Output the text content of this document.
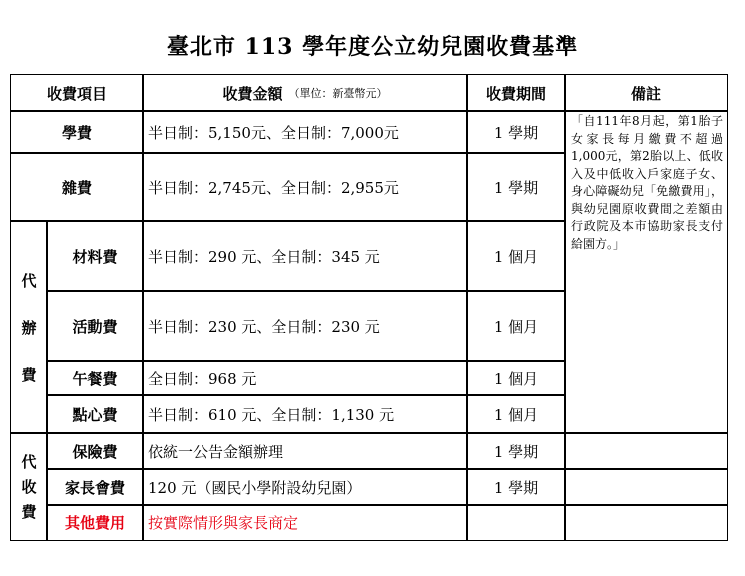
臺北市 113 學年度公立幼兒園收費基準
收費項目	收費金額 （單位：新臺幣元）	收費期間	備註
學費	半日制：5,150元、全日制：7,000元	1 學期
雜費	半日制：2,745元、全日制：2,955元	1 學期
代
辦
費
材料費	半日制：290 元、全日制：345 元	1 個月
活動費	半日制：230 元、全日制：230 元	1 個月
午餐費	全日制：968 元	1 個月
點心費	半日制：610 元、全日制：1,130 元	1 個月
代
收
費
保險費	依統一公告金額辦理	1 學期
家長會費	120 元（國民小學附設幼兒園）	1 學期
其他費用	按實際情形與家長商定
「自111年8月起，第1胎子女家長每月繳費不超過1,000元，第2胎以上、低收入及中低收入戶家庭子女、身心障礙幼兒「免繳費用」，與幼兒園原收費間之差額由行政院及本市協助家長支付給園方。」
